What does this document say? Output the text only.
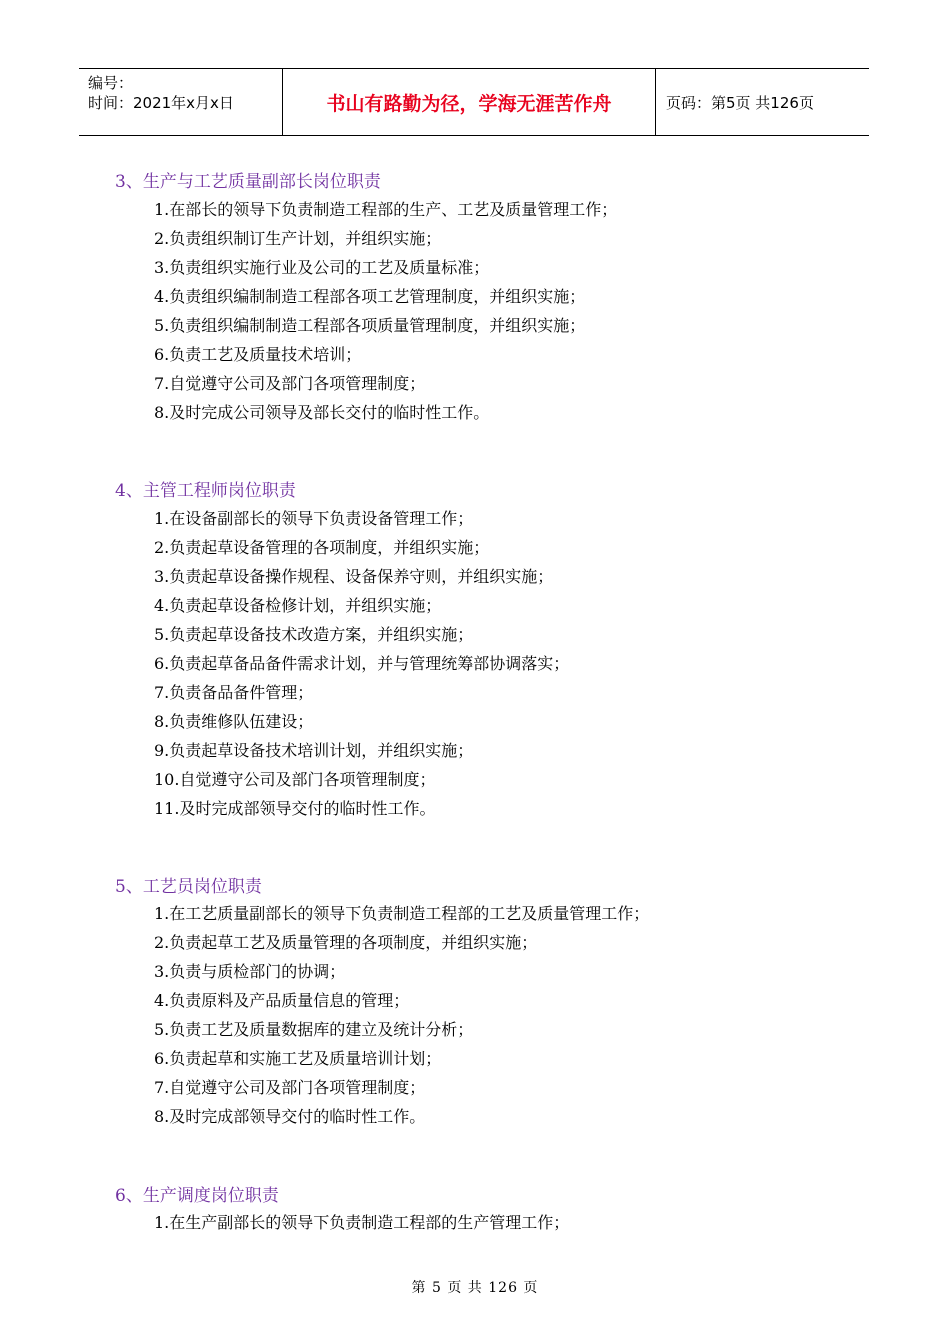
编号：
时间：2021年x月x日	书山有路勤为径，学海无涯苦作舟	页码：第5页 共126页
3、生产与工艺质量副部长岗位职责
1.在部长的领导下负责制造工程部的生产、工艺及质量管理工作；
2.负责组织制订生产计划，并组织实施；
3.负责组织实施行业及公司的工艺及质量标准；
4.负责组织编制制造工程部各项工艺管理制度，并组织实施；
5.负责组织编制制造工程部各项质量管理制度，并组织实施；
6.负责工艺及质量技术培训；
7.自觉遵守公司及部门各项管理制度；
8.及时完成公司领导及部长交付的临时性工作。
4、主管工程师岗位职责
1.在设备副部长的领导下负责设备管理工作；
2.负责起草设备管理的各项制度，并组织实施；
3.负责起草设备操作规程、设备保养守则，并组织实施；
4.负责起草设备检修计划，并组织实施；
5.负责起草设备技术改造方案，并组织实施；
6.负责起草备品备件需求计划，并与管理统筹部协调落实；
7.负责备品备件管理；
8.负责维修队伍建设；
9.负责起草设备技术培训计划，并组织实施；
10.自觉遵守公司及部门各项管理制度；
11.及时完成部领导交付的临时性工作。
5、工艺员岗位职责
1.在工艺质量副部长的领导下负责制造工程部的工艺及质量管理工作；
2.负责起草工艺及质量管理的各项制度，并组织实施；
3.负责与质检部门的协调；
4.负责原料及产品质量信息的管理；
5.负责工艺及质量数据库的建立及统计分析；
6.负责起草和实施工艺及质量培训计划；
7.自觉遵守公司及部门各项管理制度；
8.及时完成部领导交付的临时性工作。
6、生产调度岗位职责
1.在生产副部长的领导下负责制造工程部的生产管理工作；
第 5 页 共 126 页
